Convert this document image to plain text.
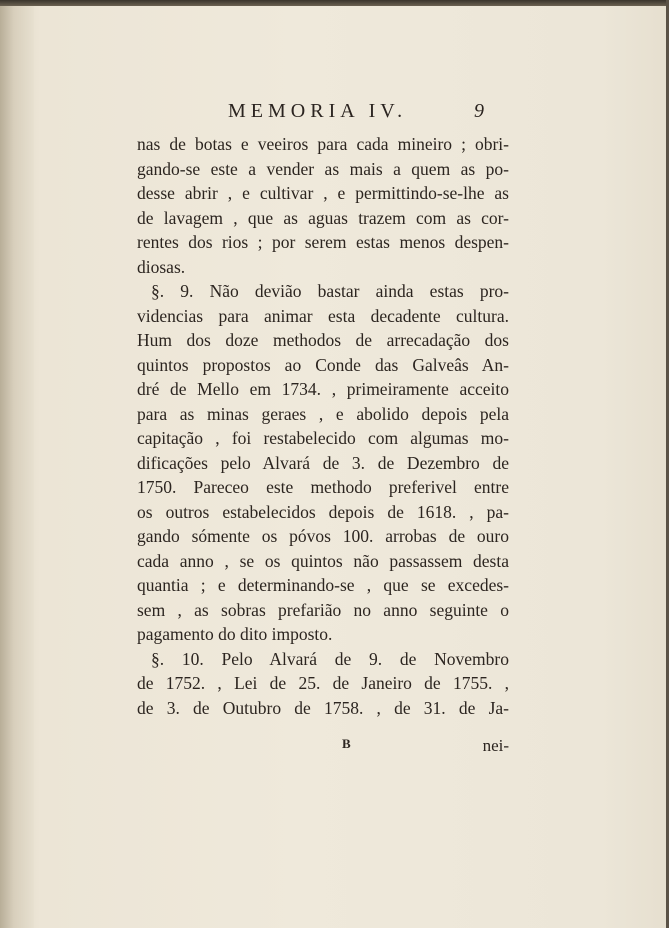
MEMORIA IV.	9
nas de botas e veeiros para cada mineiro ; obri-
gando-se este a vender as mais a quem as po-
desse abrir , e cultivar , e permittindo-se-lhe as
de lavagem , que as aguas trazem com as cor-
rentes dos rios ; por serem estas menos despen-
diosas.
§. 9. Não devião bastar ainda estas pro-
videncias para animar esta decadente cultura.
Hum dos doze methodos de arrecadação dos
quintos propostos ao Conde das Galveâs An-
dré de Mello em 1734. , primeiramente acceito
para as minas geraes , e abolido depois pela
capitação , foi restabelecido com algumas mo-
dificações pelo Alvará de 3. de Dezembro de
1750. Pareceo este methodo preferivel entre
os outros estabelecidos depois de 1618. , pa-
gando sómente os póvos 100. arrobas de ouro
cada anno , se os quintos não passassem desta
quantia ; e determinando-se , que se excedes-
sem , as sobras prefarião no anno seguinte o
pagamento do dito imposto.
§. 10. Pelo Alvará de 9. de Novembro
de 1752. , Lei de 25. de Janeiro de 1755. ,
de 3. de Outubro de 1758. , de 31. de Ja-
B	nei-
